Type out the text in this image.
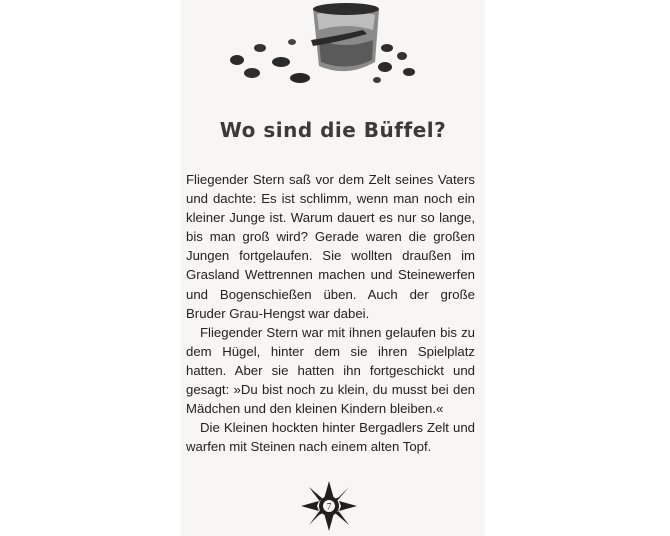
Wo sind die Büffel?

Fliegender Stern saß vor dem Zelt seines Vaters und dachte: Es ist schlimm, wenn man noch ein kleiner Junge ist. Warum dauert es nur so lange, bis man groß wird? Gerade waren die großen Jungen fortgelaufen. Sie wollten draußen im Grasland Wettrennen machen und Steinewerfen und Bogenschießen üben. Auch der große Bruder Grau-Hengst war dabei.

Fliegender Stern war mit ihnen gelaufen bis zu dem Hügel, hinter dem sie ihren Spielplatz hatten. Aber sie hatten ihn fortgeschickt und gesagt: »Du bist noch zu klein, du musst bei den Mädchen und den kleinen Kindern bleiben.«

Die Kleinen hockten hinter Bergadlers Zelt und warfen mit Steinen nach einem alten Topf.

7
